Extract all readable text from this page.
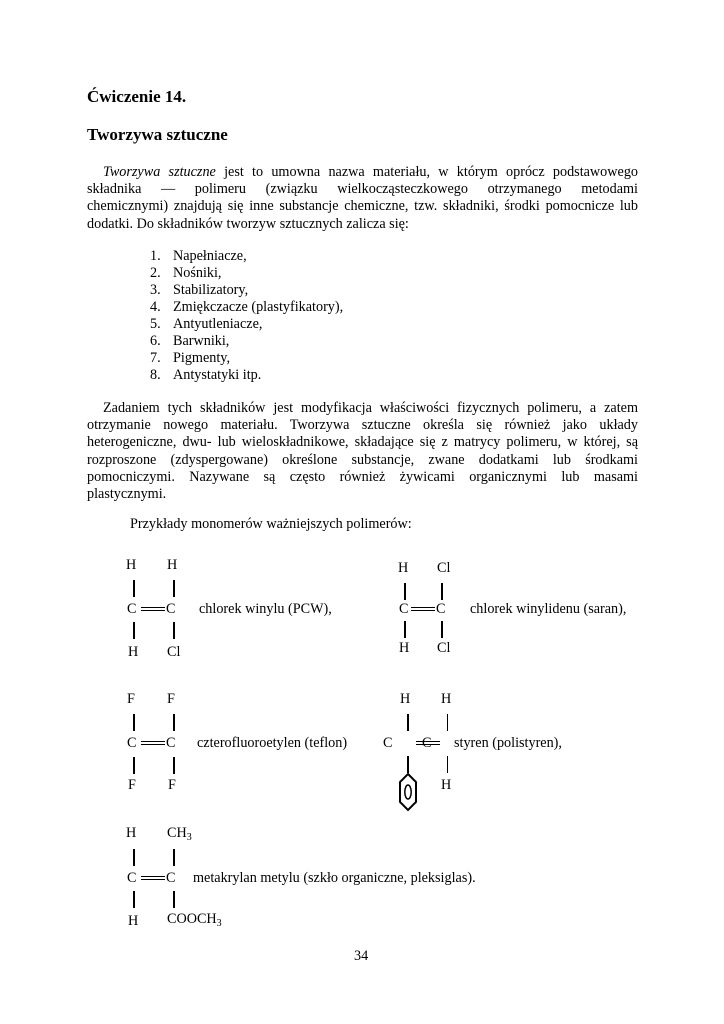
Ćwiczenie 14.
Tworzywa sztuczne
Tworzywa sztuczne jest to umowna nazwa materiału, w którym oprócz podstawowego
składnika — polimeru (związku wielkocząsteczkowego otrzymanego metodami
chemicznymi) znajdują się inne substancje chemiczne, tzw. składniki, środki pomocnicze lub
dodatki. Do składników tworzyw sztucznych zalicza się:
1. Napełniacze,
2. Nośniki,
3. Stabilizatory,
4. Zmiękczacze (plastyfikatory),
5. Antyutleniacze,
6. Barwniki,
7. Pigmenty,
8. Antystatyki itp.
Zadaniem tych składników jest modyfikacja właściwości fizycznych polimeru, a zatem
otrzymanie nowego materiału. Tworzywa sztuczne określa się również jako układy
heterogeniczne, dwu- lub wieloskładnikowe, składające się z matrycy polimeru, w której, są
rozproszone (zdyspergowane) określone substancje, zwane dodatkami lub środkami
pomocniczymi. Nazywane są często również żywicami organicznymi lub masami
plastycznymi.
Przykłady monomerów ważniejszych polimerów:
H H
C C chlorek winylu (PCW),
H Cl
H Cl
C C chlorek winylidenu (saran),
H Cl
F F
C C czterofluoroetylen (teflon)
F F
H H
C C styren (polistyren),
H
H $CH_3$
C C metakrylan metylu (szkło organiczne, pleksiglas).
H $COOCH_3$
34
